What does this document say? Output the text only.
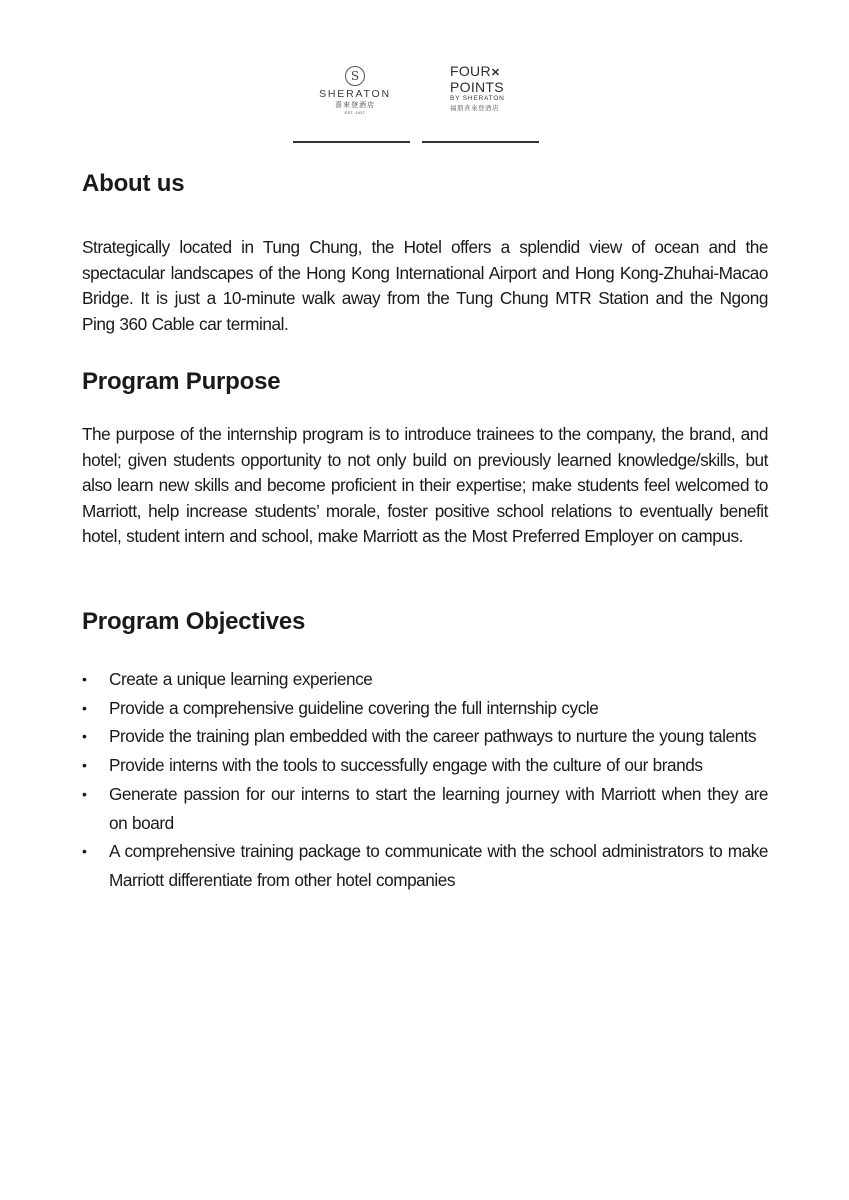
S
SHERATON
喜來登酒店
EST. 1937
FOUR✕
POINTS
BY SHERATON
福朋喜來登酒店
About us

Strategically located in Tung Chung, the Hotel offers a splendid view of ocean and the spectacular landscapes of the Hong Kong International Airport and Hong Kong-Zhuhai-Macao Bridge. It is just a 10-minute walk away from the Tung Chung MTR Station and the Ngong Ping 360 Cable car terminal.

Program Purpose

The purpose of the internship program is to introduce trainees to the company, the brand, and hotel; given students opportunity to not only build on previously learned knowledge/skills, but also learn new skills and become proficient in their expertise; make students feel welcomed to Marriott, help increase students’ morale, foster positive school relations to eventually benefit hotel, student intern and school, make Marriott as the Most Preferred Employer on campus.

Program Objectives
• Create a unique learning experience
• Provide a comprehensive guideline covering the full internship cycle
• Provide the training plan embedded with the career pathways to nurture the young talents
• Provide interns with the tools to successfully engage with the culture of our brands
• Generate passion for our interns to start the learning journey with Marriott when they are on board
• A comprehensive training package to communicate with the school administrators to make Marriott differentiate from other hotel companies
